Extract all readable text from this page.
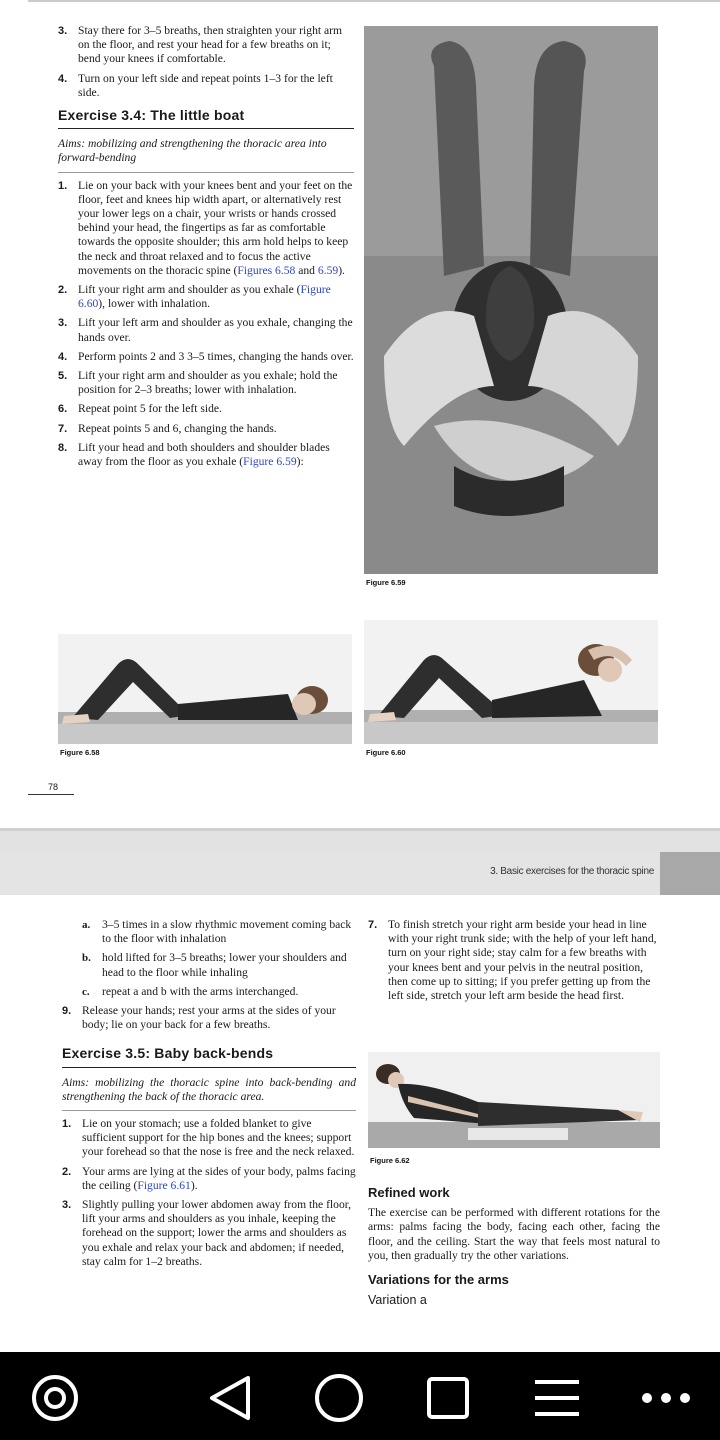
3. Stay there for 3–5 breaths, then straighten your right arm on the floor, and rest your head for a few breaths on it; bend your knees if comfortable.
4. Turn on your left side and repeat points 1–3 for the left side.
Exercise 3.4: The little boat
Aims: mobilizing and strengthening the thoracic area into forward-bending
1. Lie on your back with your knees bent and your feet on the floor, feet and knees hip width apart, or alternatively rest your lower legs on a chair, your wrists or hands crossed behind your head, the fingertips as far as comfortable towards the opposite shoulder; this arm hold helps to keep the neck and throat relaxed and to focus the active movements on the thoracic spine (Figures 6.58 and 6.59).
2. Lift your right arm and shoulder as you exhale (Figure 6.60), lower with inhalation.
3. Lift your left arm and shoulder as you exhale, changing the hands over.
4. Perform points 2 and 3 3–5 times, changing the hands over.
5. Lift your right arm and shoulder as you exhale; hold the position for 2–3 breaths; lower with inhalation.
6. Repeat point 5 for the left side.
7. Repeat points 5 and 6, changing the hands.
8. Lift your head and both shoulders and shoulder blades away from the floor as you exhale (Figure 6.59):
Figure 6.59
Figure 6.58	Figure 6.60
78
3. Basic exercises for the thoracic spine
a. 3–5 times in a slow rhythmic movement coming back to the floor with inhalation
b. hold lifted for 3–5 breaths; lower your shoulders and head to the floor while inhaling
c. repeat a and b with the arms interchanged.
9. Release your hands; rest your arms at the sides of your body; lie on your back for a few breaths.
Exercise 3.5: Baby back-bends
Aims: mobilizing the thoracic spine into back-bending and strengthening the back of the thoracic area.
1. Lie on your stomach; use a folded blanket to give sufficient support for the hip bones and the knees; support your forehead so that the nose is free and the neck relaxed.
2. Your arms are lying at the sides of your body, palms facing the ceiling (Figure 6.61).
3. Slightly pulling your lower abdomen away from the floor, lift your arms and shoulders as you inhale, keeping the forehead on the support; lower the arms and shoulders as you exhale and relax your back and abdomen; if needed, stay calm for 1–2 breaths.
7. To finish stretch your right arm beside your head in line with your right trunk side; with the help of your left hand, turn on your right side; stay calm for a few breaths with your knees bent and your pelvis in the neutral position, then come up to sitting; if you prefer getting up from the left side, stretch your left arm beside the head first.
Figure 6.62
Refined work
The exercise can be performed with different rotations for the arms: palms facing the body, facing each other, facing the floor, and the ceiling. Start the way that feels most natural to you, then gradually try the other variations.
Variations for the arms
Variation a
